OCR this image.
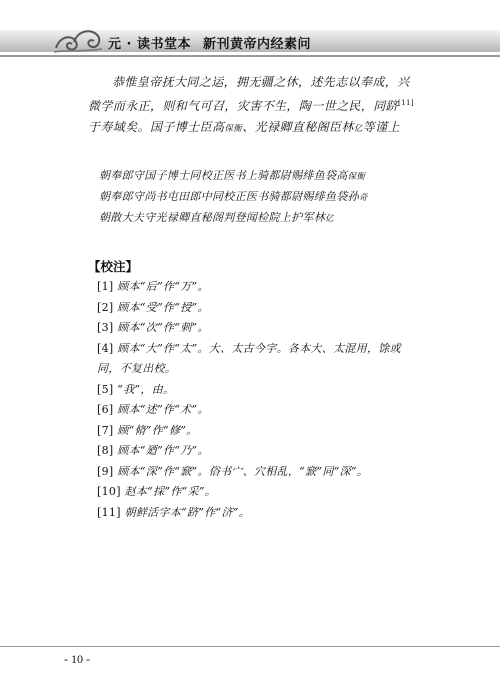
元 · 读书堂本 新刊黄帝内经素问

恭惟皇帝抚大同之运，拥无疆之休，述先志以奉成，兴微学而永正，则和气可召，灾害不生，陶一世之民，同跻[11]于寿域矣。国子博士臣高保衡、光禄卿直秘阁臣林亿等谨上

朝奉郎守国子博士同校正医书上骑都尉赐绯鱼袋高保衡

朝奉郎守尚书屯田郎中同校正医书骑都尉赐绯鱼袋孙奇

朝散大夫守光禄卿直秘阁判登闻检院上护军林亿

【校注】

[1] 顾本“后”作“万”。

[2] 顾本“受”作“授”。

[3] 顾本“次”作“刺”。

[4] 顾本“大”作“太”。大、太古今字。各本大、太混用，馀或同，不复出校。

[5] “我”，由。

[6] 顾本“述”作“术”。

[7] 顾“脩”作“修”。

[8] 顾本“廼”作“乃”。

[9] 顾本“深”作“窾”。俗书宀、穴相乱，“窾”同“深”。

[10] 赵本“採”作“采”。

[11] 朝鲜活字本“跻”作“济”。

- 10 -
